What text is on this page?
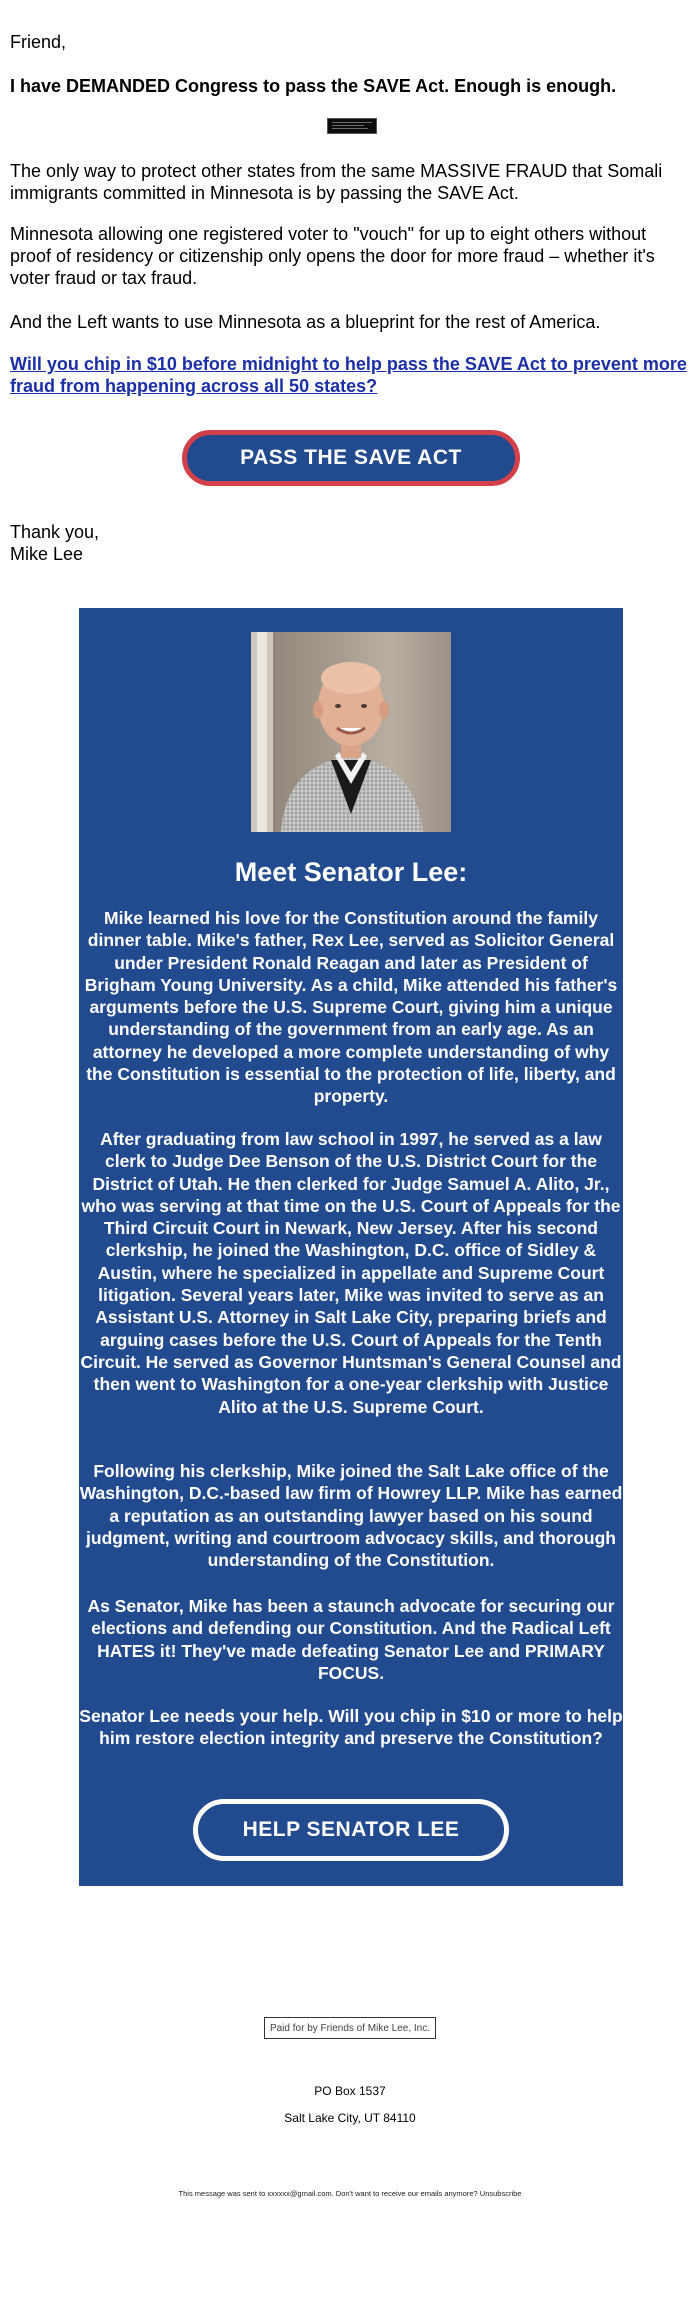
Friend,

I have DEMANDED Congress to pass the SAVE Act. Enough is enough.

The only way to protect other states from the same MASSIVE FRAUD that Somali immigrants committed in Minnesota is by passing the SAVE Act.

Minnesota allowing one registered voter to "vouch" for up to eight others without proof of residency or citizenship only opens the door for more fraud – whether it's voter fraud or tax fraud.

And the Left wants to use Minnesota as a blueprint for the rest of America.

Will you chip in $10 before midnight to help pass the SAVE Act to prevent more fraud from happening across all 50 states?

PASS THE SAVE ACT

Thank you,

Mike Lee

Meet Senator Lee:

Mike learned his love for the Constitution around the family dinner table. Mike's father, Rex Lee, served as Solicitor General under President Ronald Reagan and later as President of Brigham Young University. As a child, Mike attended his father's arguments before the U.S. Supreme Court, giving him a unique understanding of the government from an early age. As an attorney he developed a more complete understanding of why the Constitution is essential to the protection of life, liberty, and property.

After graduating from law school in 1997, he served as a law clerk to Judge Dee Benson of the U.S. District Court for the District of Utah. He then clerked for Judge Samuel A. Alito, Jr., who was serving at that time on the U.S. Court of Appeals for the Third Circuit Court in Newark, New Jersey. After his second clerkship, he joined the Washington, D.C. office of Sidley & Austin, where he specialized in appellate and Supreme Court litigation. Several years later, Mike was invited to serve as an Assistant U.S. Attorney in Salt Lake City, preparing briefs and arguing cases before the U.S. Court of Appeals for the Tenth Circuit. He served as Governor Huntsman's General Counsel and then went to Washington for a one-year clerkship with Justice Alito at the U.S. Supreme Court.

Following his clerkship, Mike joined the Salt Lake office of the Washington, D.C.-based law firm of Howrey LLP. Mike has earned a reputation as an outstanding lawyer based on his sound judgment, writing and courtroom advocacy skills, and thorough understanding of the Constitution.

As Senator, Mike has been a staunch advocate for securing our elections and defending our Constitution. And the Radical Left HATES it! They've made defeating Senator Lee and PRIMARY FOCUS.

Senator Lee needs your help. Will you chip in $10 or more to help him restore election integrity and preserve the Constitution?

HELP SENATOR LEE
Paid for by Friends of Mike Lee, Inc.
PO Box 1537
Salt Lake City, UT 84110
This message was sent to xxxxxx@gmail.com. Don't want to receive our emails anymore? Unsubscribe
